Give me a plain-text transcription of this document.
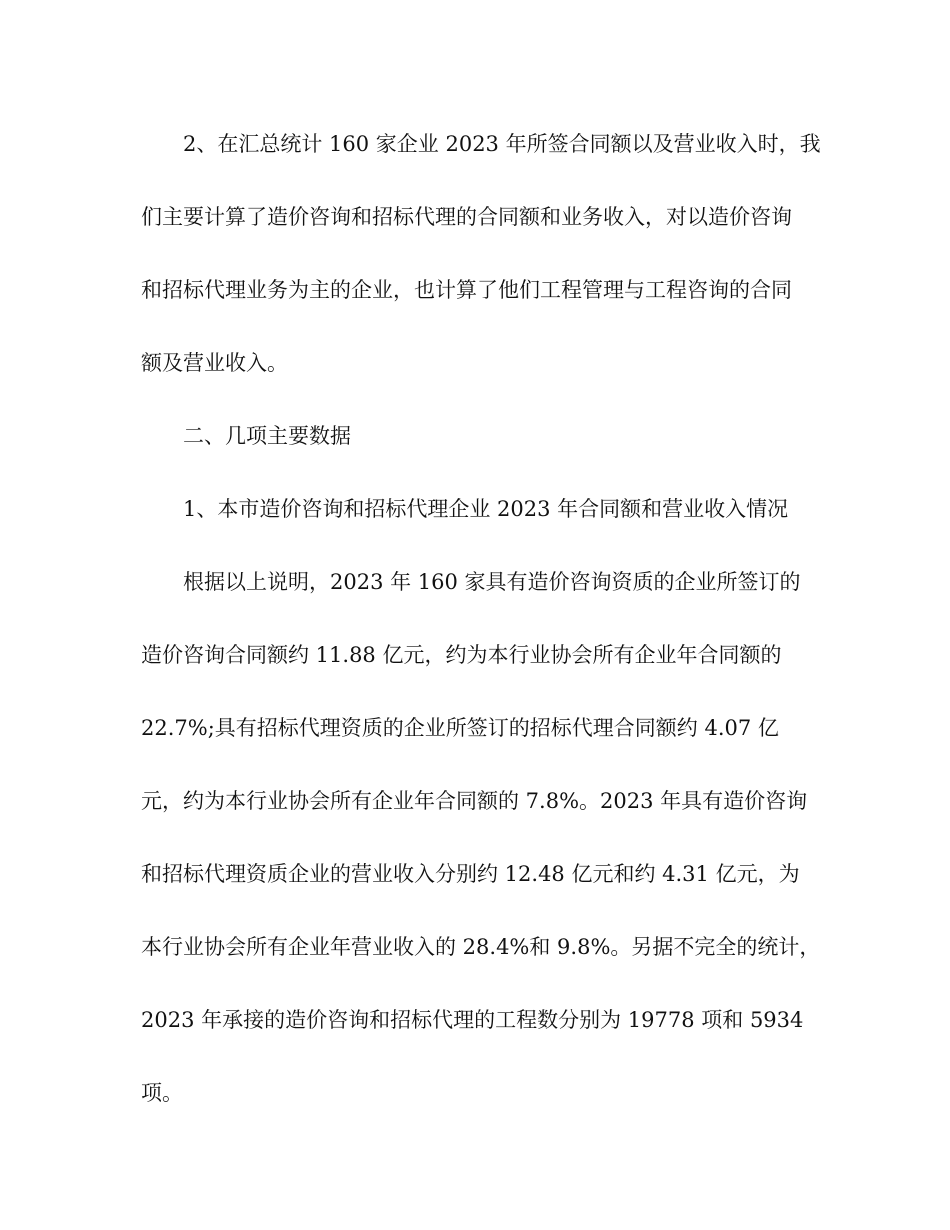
2、在汇总统计 160 家企业 2023 年所签合同额以及营业收入时，我
们主要计算了造价咨询和招标代理的合同额和业务收入，对以造价咨询
和招标代理业务为主的企业，也计算了他们工程管理与工程咨询的合同
额及营业收入。
二、几项主要数据
1、本市造价咨询和招标代理企业 2023 年合同额和营业收入情况
根据以上说明，2023 年 160 家具有造价咨询资质的企业所签订的
造价咨询合同额约 11.88 亿元，约为本行业协会所有企业年合同额的
22.7%;具有招标代理资质的企业所签订的招标代理合同额约 4.07 亿
元，约为本行业协会所有企业年合同额的 7.8%。2023 年具有造价咨询
和招标代理资质企业的营业收入分别约 12.48 亿元和约 4.31 亿元，为
本行业协会所有企业年营业收入的 28.4%和 9.8%。另据不完全的统计，
2023 年承接的造价咨询和招标代理的工程数分别为 19778 项和 5934
项。
